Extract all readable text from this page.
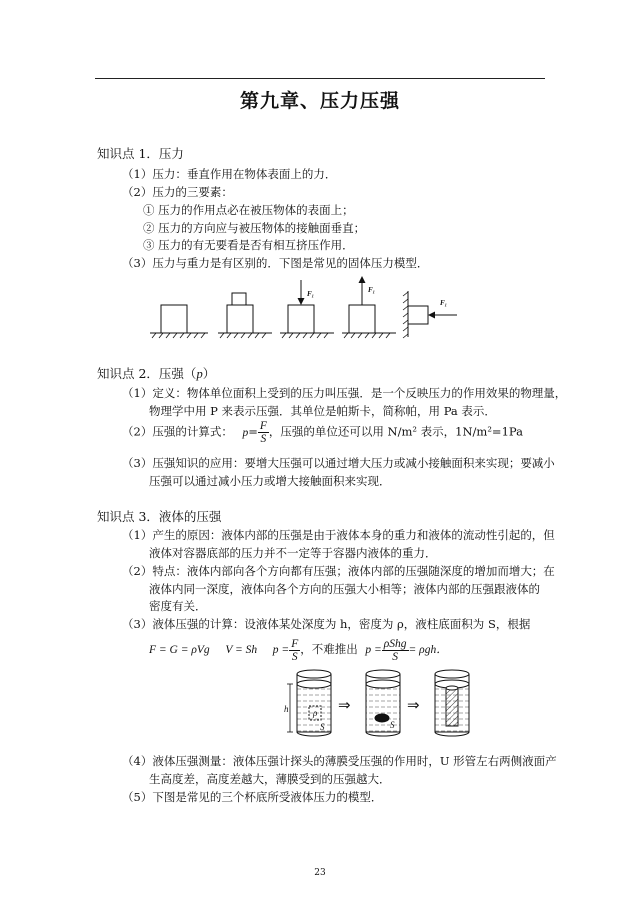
第九章、压力压强
知识点 1．压力
（1）压力：垂直作用在物体表面上的力．
（2）压力的三要素：
① 压力的作用点必在被压物体的表面上；
② 压力的方向应与被压物体的接触面垂直；
③ 压力的有无要看是否有相互挤压作用．
（3）压力与重力是有区别的．下图是常见的固体压力模型．
F₁	F₁
F₁
知识点 2．压强（p）
（1）定义：物体单位面积上受到的压力叫压强．是一个反映压力的作用效果的物理量，
物理学中用 P 来表示压强．其单位是帕斯卡，简称帕，用 Pa 表示．
（2）压强的计算式： $p= \frac{F}{S}$ ，压强的单位还可以用 N/m² 表示，1N/m²=1Pa
（3）压强知识的应用：要增大压强可以通过增大压力或减小接触面积来实现；要减小
压强可以通过减小压力或增大接触面积来实现．
知识点 3．液体的压强
（1）产生的原因：液体内部的压强是由于液体本身的重力和液体的流动性引起的，但
液体对容器底部的压力并不一定等于容器内液体的重力．
（2）特点：液体内部向各个方向都有压强；液体内部的压强随深度的增加而增大；在
液体内同一深度，液体向各个方向的压强大小相等；液体内部的压强跟液体的
密度有关．
（3）液体压强的计算：设液体某处深度为 h，密度为 ρ，液柱底面积为 S，根据
F = G = ρVg V = Sh $p = \frac{F}{S}$ ，不难推出 $p = \frac{\text{ρShg}}{S} = \rho gh$．
h	ρ
S	S
⇒	⇒
（4）液体压强测量：液体压强计探头的薄膜受压强的作用时，U 形管左右两侧液面产
生高度差，高度差越大，薄膜受到的压强越大．
（5）下图是常见的三个杯底所受液体压力的模型．
23
